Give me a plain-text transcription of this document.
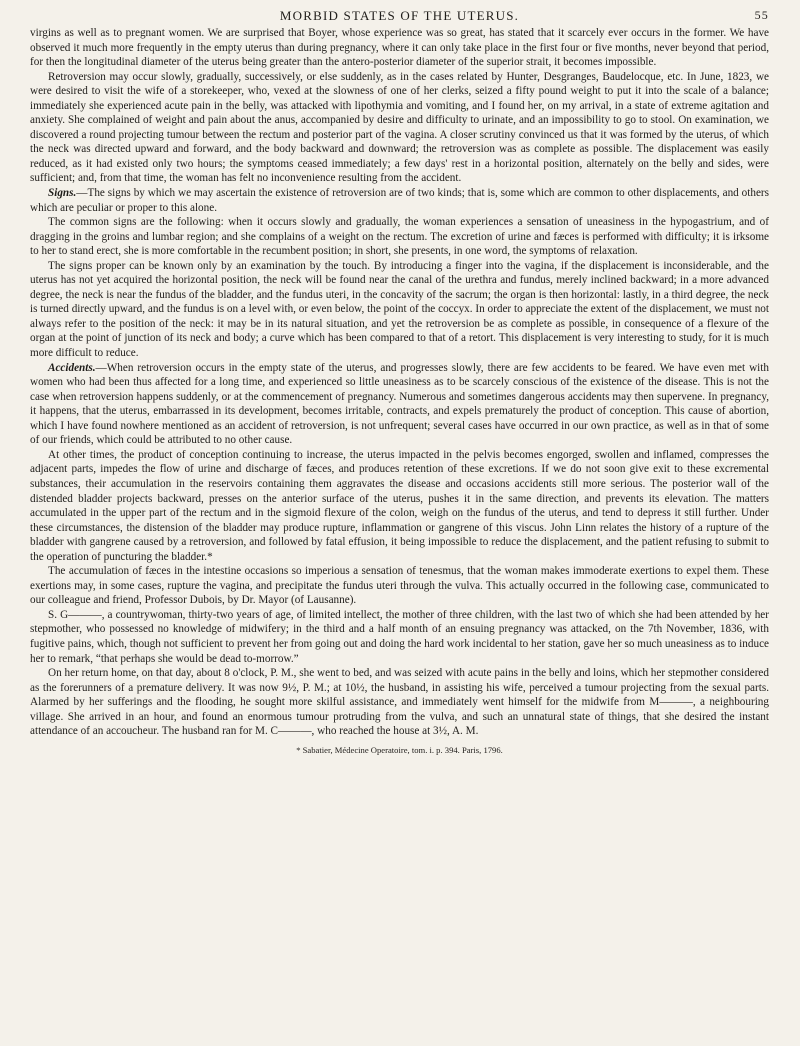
MORBID STATES OF THE UTERUS.	55

virgins as well as to pregnant women. We are surprised that Boyer, whose experience was so great, has stated that it scarcely ever occurs in the former. We have observed it much more frequently in the empty uterus than during pregnancy, where it can only take place in the first four or five months, never beyond that period, for then the longitudinal diameter of the uterus being greater than the antero-posterior diameter of the superior strait, it becomes impossible.

Retroversion may occur slowly, gradually, successively, or else suddenly, as in the cases related by Hunter, Desgranges, Baudelocque, etc. In June, 1823, we were desired to visit the wife of a storekeeper, who, vexed at the slowness of one of her clerks, seized a fifty pound weight to put it into the scale of a balance; immediately she experienced acute pain in the belly, was attacked with lipothymia and vomiting, and I found her, on my arrival, in a state of extreme agitation and anxiety. She complained of weight and pain about the anus, accompanied by desire and difficulty to urinate, and an impossibility to go to stool. On examination, we discovered a round projecting tumour between the rectum and posterior part of the vagina. A closer scrutiny convinced us that it was formed by the uterus, of which the neck was directed upward and forward, and the body backward and downward; the retroversion was as complete as possible. The displacement was easily reduced, as it had existed only two hours; the symptoms ceased immediately; a few days' rest in a horizontal position, alternately on the belly and sides, were sufficient; and, from that time, the woman has felt no inconvenience resulting from the accident.

Signs.—The signs by which we may ascertain the existence of retroversion are of two kinds; that is, some which are common to other displacements, and others which are peculiar or proper to this alone.

The common signs are the following: when it occurs slowly and gradually, the woman experiences a sensation of uneasiness in the hypogastrium, and of dragging in the groins and lumbar region; and she complains of a weight on the rectum. The excretion of urine and fæces is performed with difficulty; it is irksome to her to stand erect, she is more comfortable in the recumbent position; in short, she presents, in one word, the symptoms of relaxation.

The signs proper can be known only by an examination by the touch. By introducing a finger into the vagina, if the displacement is inconsiderable, and the uterus has not yet acquired the horizontal position, the neck will be found near the canal of the urethra and fundus, merely inclined backward; in a more advanced degree, the neck is near the fundus of the bladder, and the fundus uteri, in the concavity of the sacrum; the organ is then horizontal: lastly, in a third degree, the neck is turned directly upward, and the fundus is on a level with, or even below, the point of the coccyx. In order to appreciate the extent of the displacement, we must not always refer to the position of the neck: it may be in its natural situation, and yet the retroversion be as complete as possible, in consequence of a flexure of the organ at the point of junction of its neck and body; a curve which has been compared to that of a retort. This displacement is very interesting to study, for it is much more difficult to reduce.

Accidents.—When retroversion occurs in the empty state of the uterus, and progresses slowly, there are few accidents to be feared. We have even met with women who had been thus affected for a long time, and experienced so little uneasiness as to be scarcely conscious of the existence of the disease. This is not the case when retroversion happens suddenly, or at the commencement of pregnancy. Numerous and sometimes dangerous accidents may then supervene. In pregnancy, it happens, that the uterus, embarrassed in its development, becomes irritable, contracts, and expels prematurely the product of conception. This cause of abortion, which I have found nowhere mentioned as an accident of retroversion, is not unfrequent; several cases have occurred in our own practice, as well as in that of some of our friends, which could be attributed to no other cause.

At other times, the product of conception continuing to increase, the uterus impacted in the pelvis becomes engorged, swollen and inflamed, compresses the adjacent parts, impedes the flow of urine and discharge of fæces, and produces retention of these excretions. If we do not soon give exit to these excremental substances, their accumulation in the reservoirs containing them aggravates the disease and occasions accidents still more serious. The posterior wall of the distended bladder projects backward, presses on the anterior surface of the uterus, pushes it in the same direction, and prevents its elevation. The matters accumulated in the upper part of the rectum and in the sigmoid flexure of the colon, weigh on the fundus of the uterus, and tend to depress it still further. Under these circumstances, the distension of the bladder may produce rupture, inflammation or gangrene of this viscus. John Linn relates the history of a rupture of the bladder with gangrene caused by a retroversion, and followed by fatal effusion, it being impossible to reduce the displacement, and the patient refusing to submit to the operation of puncturing the bladder.*

The accumulation of fæces in the intestine occasions so imperious a sensation of tenesmus, that the woman makes immoderate exertions to expel them. These exertions may, in some cases, rupture the vagina, and precipitate the fundus uteri through the vulva. This actually occurred in the following case, communicated to our colleague and friend, Professor Dubois, by Dr. Mayor (of Lausanne).

S. G———, a countrywoman, thirty-two years of age, of limited intellect, the mother of three children, with the last two of which she had been attended by her stepmother, who possessed no knowledge of midwifery; in the third and a half month of an ensuing pregnancy was attacked, on the 7th November, 1836, with fugitive pains, which, though not sufficient to prevent her from going out and doing the hard work incidental to her station, gave her so much uneasiness as to induce her to remark, “that perhaps she would be dead to-morrow.”

On her return home, on that day, about 8 o'clock, P. M., she went to bed, and was seized with acute pains in the belly and loins, which her stepmother considered as the forerunners of a premature delivery. It was now 9½, P. M.; at 10½, the husband, in assisting his wife, perceived a tumour projecting from the sexual parts. Alarmed by her sufferings and the flooding, he sought more skilful assistance, and immediately went himself for the midwife from M———, a neighbouring village. She arrived in an hour, and found an enormous tumour protruding from the vulva, and such an unnatural state of things, that she desired the instant attendance of an accoucheur. The husband ran for M. C———, who reached the house at 3½, A. M.

* Sabatier, Médecine Operatoire, tom. i. p. 394. Paris, 1796.
